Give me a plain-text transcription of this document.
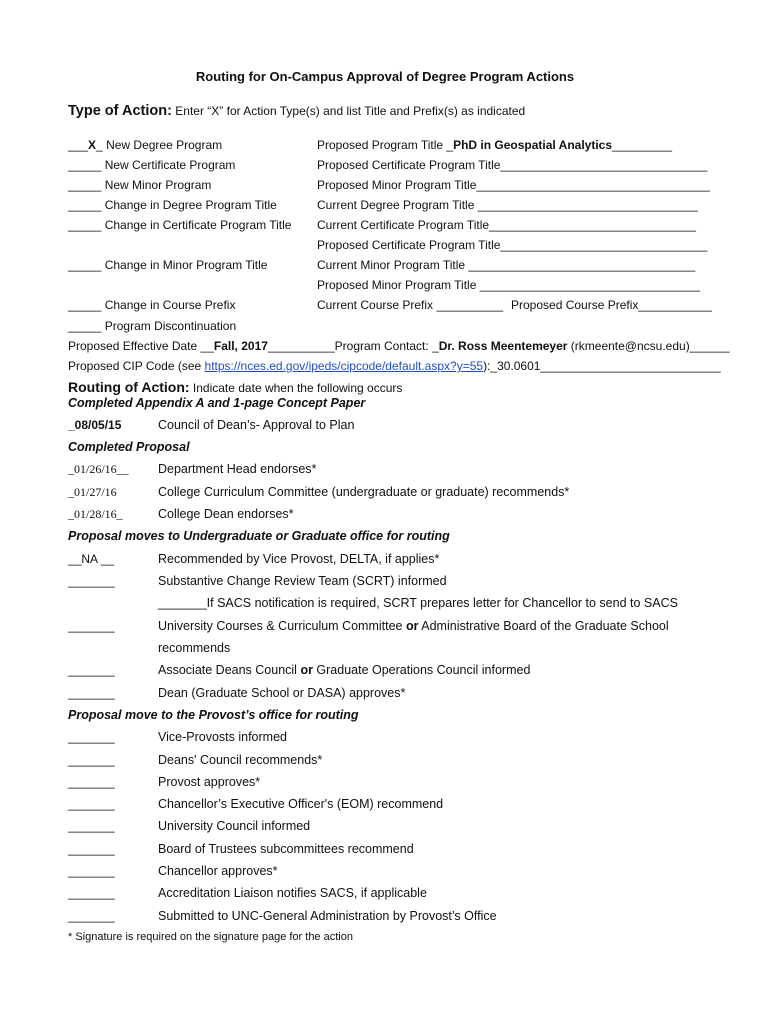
Routing for On-Campus Approval of Degree Program Actions
Type of Action: Enter “X” for Action Type(s) and list Title and Prefix(s) as indicated
___X_ New Degree Program	Proposed Program Title _PhD in Geospatial Analytics_________
_____ New Certificate Program	Proposed Certificate Program Title_______________________________
_____ New Minor Program	Proposed Minor Program Title___________________________________
_____ Change in Degree Program Title	Current Degree Program Title _________________________________
_____ Change in Certificate Program Title Current Certificate Program Title_______________________________
Proposed Certificate Program Title_______________________________
_____ Change in Minor Program Title	Current Minor Program Title __________________________________
Proposed Minor Program Title _________________________________
_____ Change in Course Prefix	Current Course Prefix __________ Proposed Course Prefix___________
_____ Program Discontinuation
Proposed Effective Date __Fall, 2017__________Program Contact: _Dr. Ross Meentemeyer (rkmeente@ncsu.edu)______
Proposed CIP Code (see https://nces.ed.gov/ipeds/cipcode/default.aspx?y=55):_30.0601___________________________
Routing of Action: Indicate date when the following occurs
Completed Appendix A and 1-page Concept Paper
_08/05/15	Council of Dean’s- Approval to Plan
Completed Proposal
_01/26/16__ Department Head endorses*
_01/27/16	College Curriculum Committee (undergraduate or graduate) recommends*
_01/28/16_	College Dean endorses*
Proposal moves to Undergraduate or Graduate office for routing
__NA __	Recommended by Vice Provost, DELTA, if applies*
_______	Substantive Change Review Team (SCRT) informed
_______If SACS notification is required, SCRT prepares letter for Chancellor to send to SACS
_______	University Courses & Curriculum Committee or Administrative Board of the Graduate School
recommends
_______	Associate Deans Council or Graduate Operations Council informed
_______	Dean (Graduate School or DASA) approves*
Proposal move to the Provost’s office for routing
_______	Vice-Provosts informed
_______	Deans' Council recommends*
_______	Provost approves*
_______	Chancellor’s Executive Officer's (EOM) recommend
_______	University Council informed
_______	Board of Trustees subcommittees recommend
_______	Chancellor approves*
_______	Accreditation Liaison notifies SACS, if applicable
_______	Submitted to UNC-General Administration by Provost’s Office
* Signature is required on the signature page for the action
